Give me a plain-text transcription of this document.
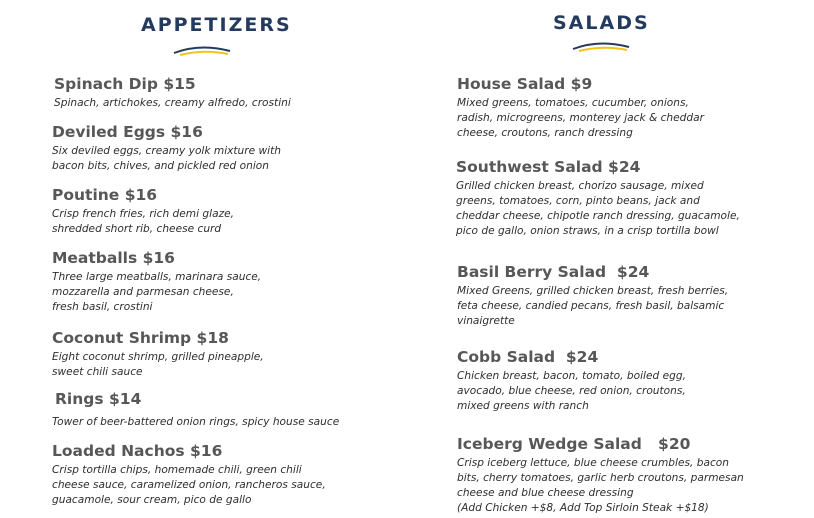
APPETIZERS	SALADS
Spinach Dip $15

Spinach, artichokes, creamy alfredo, crostini

Deviled Eggs $16

Six deviled eggs, creamy yolk mixture with
bacon bits, chives, and pickled red onion

Poutine $16

Crisp french fries, rich demi glaze,
shredded short rib, cheese curd

Meatballs $16

Three large meatballs, marinara sauce,
mozzarella and parmesan cheese,
fresh basil, crostini

Coconut Shrimp $18

Eight coconut shrimp, grilled pineapple,
sweet chili sauce

Rings $14

Tower of beer-battered onion rings, spicy house sauce

Loaded Nachos $16

Crisp tortilla chips, homemade chili, green chili
cheese sauce, caramelized onion, rancheros sauce,
guacamole, sour cream, pico de gallo

House Salad $9

Mixed greens, tomatoes, cucumber, onions,
radish, microgreens, monterey jack & cheddar
cheese, croutons, ranch dressing

Southwest Salad $24

Grilled chicken breast, chorizo sausage, mixed
greens, tomatoes, corn, pinto beans, jack and
cheddar cheese, chipotle ranch dressing, guacamole,
pico de gallo, onion straws, in a crisp tortilla bowl

Basil Berry Salad  $24

Mixed Greens, grilled chicken breast, fresh berries,
feta cheese, candied pecans, fresh basil, balsamic
vinaigrette

Cobb Salad  $24

Chicken breast, bacon, tomato, boiled egg,
avocado, blue cheese, red onion, croutons,
mixed greens with ranch

Iceberg Wedge Salad   $20

Crisp iceberg lettuce, blue cheese crumbles, bacon
bits, cherry tomatoes, garlic herb croutons, parmesan
cheese and blue cheese dressing
(Add Chicken +$8, Add Top Sirloin Steak +$18)
